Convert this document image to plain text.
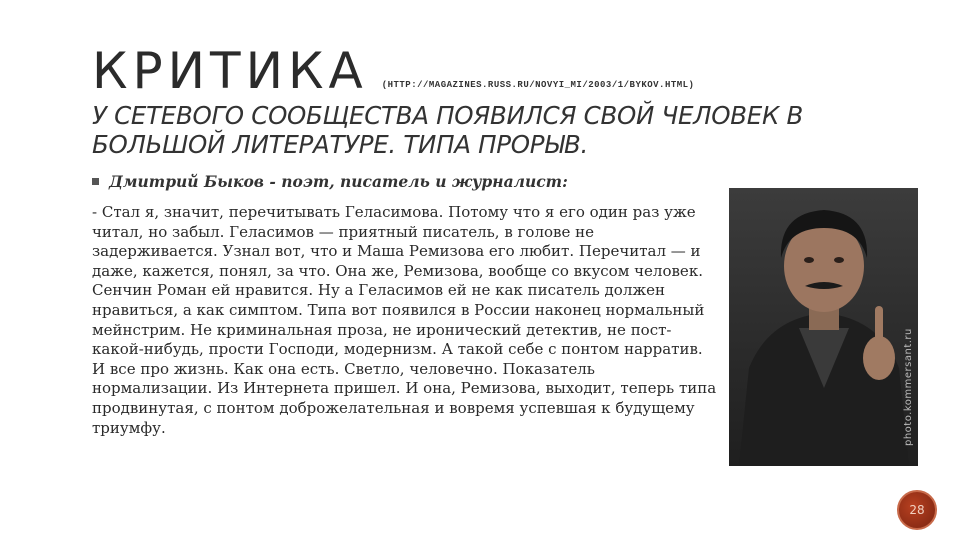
КРИТИКА (HTTP://MAGAZINES.RUSS.RU/NOVYI_MI/2003/1/BYKOV.HTML)
У СЕТЕВОГО СООБЩЕСТВА ПОЯВИЛСЯ СВОЙ ЧЕЛОВЕК В БОЛЬШОЙ ЛИТЕРАТУРЕ. ТИПА ПРОРЫВ.
Дмитрий Быков - поэт, писатель и журналист:
- Стал я, значит, перечитывать Геласимова. Потому что я его один раз уже читал, но забыл. Геласимов — приятный писатель, в голове не задерживается. Узнал вот, что и Маша Ремизова его любит. Перечитал — и даже, кажется, понял, за что. Она же, Ремизова, вообще со вкусом человек. Сенчин Роман ей нравится. Ну а Геласимов ей не как писатель должен нравиться, а как симптом. Типа вот появился в России наконец нормальный мейнстрим. Не криминальная проза, не иронический детектив, не пост- какой-нибудь, прости Господи, модернизм. А такой себе с понтом нарратив. И все про жизнь. Как она есть. Светло, человечно. Показатель нормализации. Из Интернета пришел. И она, Ремизова, выходит, теперь типа продвинутая, с понтом доброжелательная и вовремя успевшая к будущему триумфу.	photo.kommersant.ru
28
